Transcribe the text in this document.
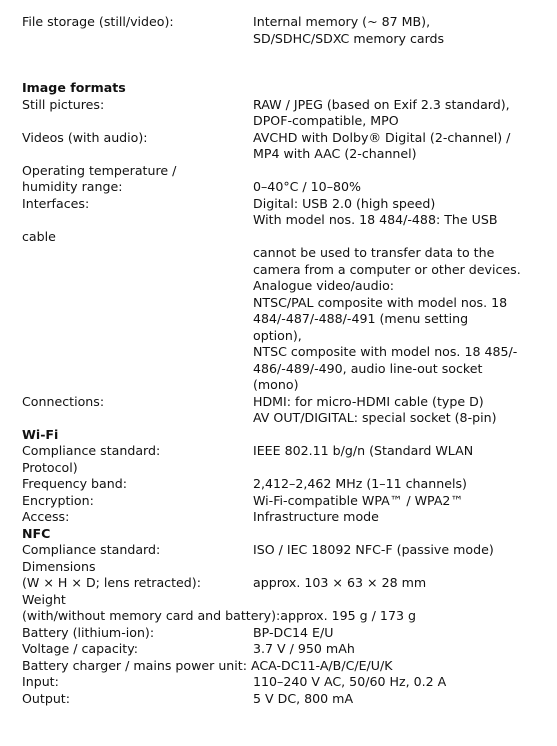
File storage (still/video):	Internal memory (~ 87 MB),
SD/SDHC/SDXC memory cards
Image formats
Still pictures:	RAW / JPEG (based on Exif 2.3 standard),
DPOF-compatible, MPO
Videos (with audio):	AVCHD with Dolby® Digital (2-channel) /
MP4 with AAC (2-channel)
Operating temperature /
humidity range:	0–40°C / 10–80%
Interfaces:	Digital: USB 2.0 (high speed)
With model nos. 18 484/-488: The USB
cable
cannot be used to transfer data to the
camera from a computer or other devices.
Analogue video/audio:
NTSC/PAL composite with model nos. 18
484/-487/-488/-491 (menu setting
option),
NTSC composite with model nos. 18 485/-
486/-489/-490, audio line-out socket
(mono)
Connections:	HDMI: for micro-HDMI cable (type D)
AV OUT/DIGITAL: special socket (8-pin)
Wi-Fi
Compliance standard:	IEEE 802.11 b/g/n (Standard WLAN
Protocol)
Frequency band:	2,412–2,462 MHz (1–11 channels)
Encryption:	Wi-Fi-compatible WPA™ / WPA2™
Access:	Infrastructure mode
NFC
Compliance standard:	ISO / IEC 18092 NFC-F (passive mode)
Dimensions
(W × H × D; lens retracted):	approx. 103 × 63 × 28 mm
Weight
(with/without memory card and battery):approx. 195 g / 173 g
Battery (lithium-ion):	BP-DC14 E/U
Voltage / capacity:	3.7 V / 950 mAh
Battery charger / mains power unit: ACA-DC11-A/B/C/E/U/K
Input:	110–240 V AC, 50/60 Hz, 0.2 A
Output:	5 V DC, 800 mA
